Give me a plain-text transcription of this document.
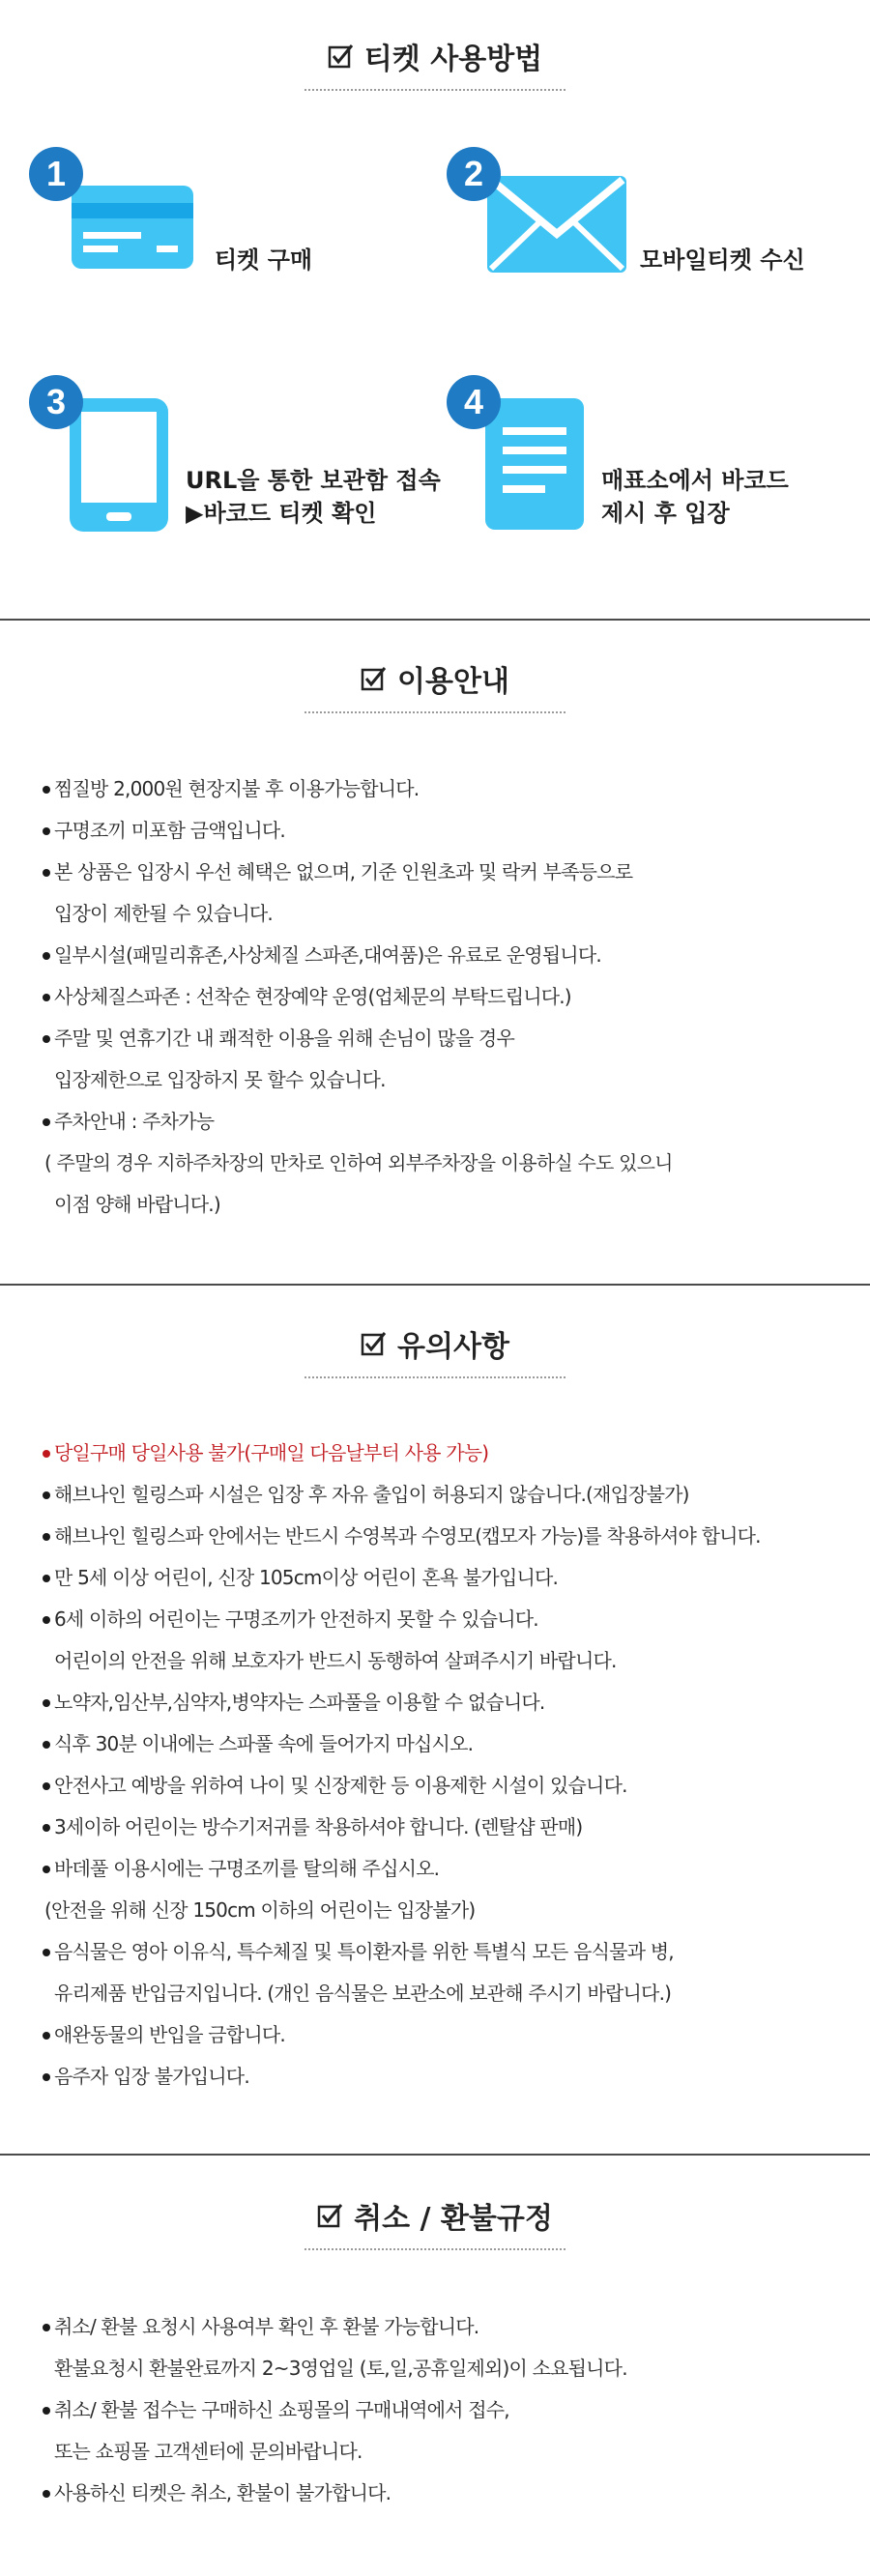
티켓 사용방법
1
티켓 구매
2
모바일티켓 수신
3
URL을 통한 보관함 접속
▶바코드 티켓 확인
4
매표소에서 바코드
제시 후 입장
이용안내
찜질방 2,000원 현장지불 후 이용가능합니다.
구명조끼 미포함 금액입니다.
본 상품은 입장시 우선 혜택은 없으며, 기준 인원초과 및 락커 부족등으로
입장이 제한될 수 있습니다.
일부시설(패밀리휴존,사상체질 스파존,대여품)은 유료로 운영됩니다.
사상체질스파존 : 선착순 현장예약 운영(업체문의 부탁드립니다.)
주말 및 연휴기간 내 쾌적한 이용을 위해 손님이 많을 경우
입장제한으로 입장하지 못 할수 있습니다.
주차안내 : 주차가능
( 주말의 경우 지하주차장의 만차로 인하여 외부주차장을 이용하실 수도 있으니
이점 양해 바랍니다.)
유의사항
당일구매 당일사용 불가(구매일 다음날부터 사용 가능)
해브나인 힐링스파 시설은 입장 후 자유 출입이 허용되지 않습니다.(재입장불가)
해브나인 힐링스파 안에서는 반드시 수영복과 수영모(캡모자 가능)를 착용하셔야 합니다.
만 5세 이상 어린이, 신장 105cm이상 어린이 혼욕 불가입니다.
6세 이하의 어린이는 구명조끼가 안전하지 못할 수 있습니다.
어린이의 안전을 위해 보호자가 반드시 동행하여 살펴주시기 바랍니다.
노약자,임산부,심약자,병약자는 스파풀을 이용할 수 없습니다.
식후 30분 이내에는 스파풀 속에 들어가지 마십시오.
안전사고 예방을 위하여 나이 및 신장제한 등 이용제한 시설이 있습니다.
3세이하 어린이는 방수기저귀를 착용하셔야 합니다. (렌탈샵 판매)
바데풀 이용시에는 구명조끼를 탈의해 주십시오.
(안전을 위해 신장 150cm 이하의 어린이는 입장불가)
음식물은 영아 이유식, 특수체질 및 특이환자를 위한 특별식 모든 음식물과 병,
유리제품 반입금지입니다. (개인 음식물은 보관소에 보관해 주시기 바랍니다.)
애완동물의 반입을 금합니다.
음주자 입장 불가입니다.
취소 / 환불규정
취소/ 환불 요청시 사용여부 확인 후 환불 가능합니다.
환불요청시 환불완료까지 2~3영업일 (토,일,공휴일제외)이 소요됩니다.
취소/ 환불 접수는 구매하신 쇼핑몰의 구매내역에서 접수,
또는 쇼핑몰 고객센터에 문의바랍니다.
사용하신 티켓은 취소, 환불이 불가합니다.
